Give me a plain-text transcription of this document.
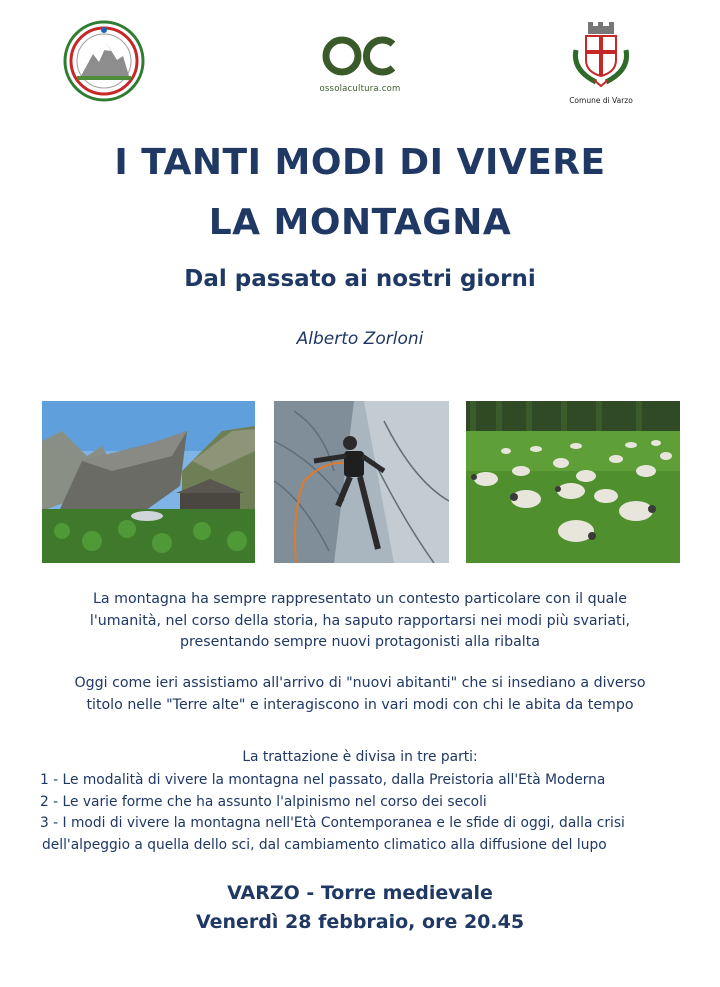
ossolacultura.com
Comune di Varzo
I TANTI MODI DI VIVERE
LA MONTAGNA
Dal passato ai nostri giorni
Alberto Zorloni
La montagna ha sempre rappresentato un contesto particolare con il quale
l'umanità, nel corso della storia, ha saputo rapportarsi nei modi più svariati,
presentando sempre nuovi protagonisti alla ribalta
Oggi come ieri assistiamo all'arrivo di "nuovi abitanti" che si insediano a diverso
titolo nelle "Terre alte" e interagiscono in vari modi con chi le abita da tempo
La trattazione è divisa in tre parti:
1 - Le modalità di vivere la montagna nel passato, dalla Preistoria all'Età Moderna
2 - Le varie forme che ha assunto l'alpinismo nel corso dei secoli
3 - I modi di vivere la montagna nell'Età Contemporanea e le sfide di oggi, dalla crisi
dell'alpeggio a quella dello sci, dal cambiamento climatico alla diffusione del lupo
VARZO - Torre medievale
Venerdì 28 febbraio, ore 20.45
